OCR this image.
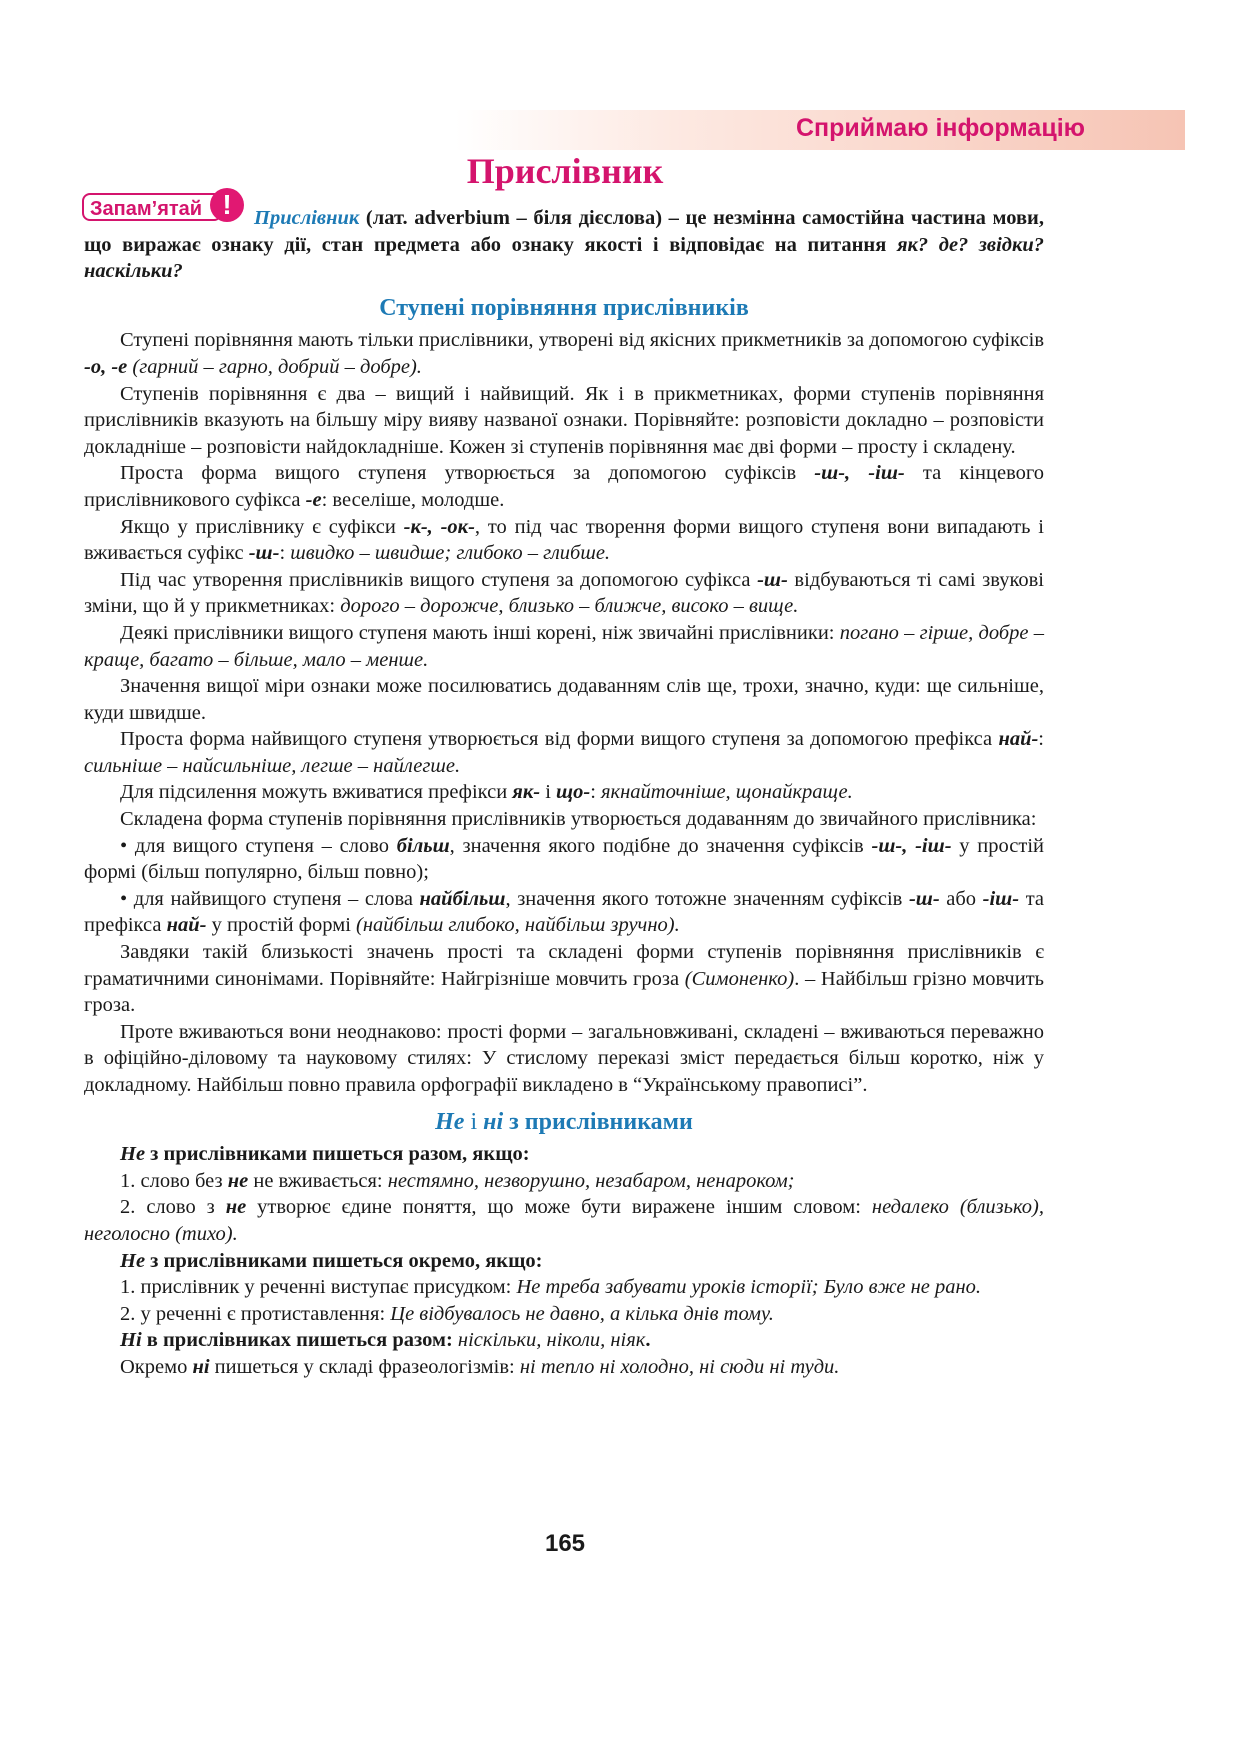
Сприймаю інформацію
Прислівник
Запам’ятай !	Прислівник (лат. adverbium – біля дієслова) – це незмінна самостійна частина мови, що виражає ознаку дії, стан предмета або ознаку якості і відповідає на питання як? де? звідки? наскільки?

Ступені порівняння прислівників

Ступені порівняння мають тільки прислівники, утворені від якісних прикметників за допомогою суфіксів -о, -е (гарний – гарно, добрий – добре).

Ступенів порівняння є два – вищий і найвищий. Як і в прикметниках, форми ступенів порівняння прислівників вказують на більшу міру вияву названої ознаки. Порівняйте: розповісти докладно – розповісти докладніше – розповісти найдокладніше. Кожен зі ступенів порівняння має дві форми – просту і складену.

Проста форма вищого ступеня утворюється за допомогою суфіксів -ш-, -іш- та кінцевого прислівникового суфікса -е: веселіше, молодше.

Якщо у прислівнику є суфікси -к-, -ок-, то під час творення форми вищого ступеня вони випадають і вживається суфікс -ш-: швидко – швидше; глибоко – глибше.

Під час утворення прислівників вищого ступеня за допомогою суфікса -ш- відбуваються ті самі звукові зміни, що й у прикметниках: дорого – дорожче, близько – ближче, високо – вище.

Деякі прислівники вищого ступеня мають інші корені, ніж звичайні прислівники: погано – гірше, добре – краще, багато – більше, мало – менше.

Значення вищої міри ознаки може посилюватись додаванням слів ще, трохи, значно, куди: ще сильніше, куди швидше.

Проста форма найвищого ступеня утворюється від форми вищого ступеня за допомогою префікса най-: сильніше – найсильніше, легше – найлегше.

Для підсилення можуть вживатися префікси як- і що-: якнайточніше, щонайкраще.

Складена форма ступенів порівняння прислівників утворюється додаванням до звичайного прислівника:

• для вищого ступеня – слово більш, значення якого подібне до значення суфіксів -ш-, -іш- у простій формі (більш популярно, більш повно);

• для найвищого ступеня – слова найбільш, значення якого тотожне значенням суфіксів -ш- або -іш- та префікса най- у простій формі (найбільш глибоко, найбільш зручно).

Завдяки такій близькості значень прості та складені форми ступенів порівняння прислівників є граматичними синонімами. Порівняйте: Найгрізніше мовчить гроза (Симоненко). – Найбільш грізно мовчить гроза.

Проте вживаються вони неоднаково: прості форми – загальновживані, складені – вживаються переважно в офіційно-діловому та науковому стилях: У стислому переказі зміст передається більш коротко, ніж у докладному. Найбільш повно правила орфографії викладено в “Українському правописі”.

Не і ні з прислівниками

Не з прислівниками пишеться разом, якщо:

1. слово без не не вживається: нестямно, незворушно, незабаром, ненароком;

2. слово з не утворює єдине поняття, що може бути виражене іншим словом: недалеко (близько), неголосно (тихо).

Не з прислівниками пишеться окремо, якщо:

1. прислівник у реченні виступає присудком: Не треба забувати уроків історії; Було вже не рано.

2. у реченні є протиставлення: Це відбувалось не давно, а кілька днів тому.

Ні в прислівниках пишеться разом: ніскільки, ніколи, ніяк.

Окремо ні пишеться у складі фразеологізмів: ні тепло ні холодно, ні сюди ні туди.

165
